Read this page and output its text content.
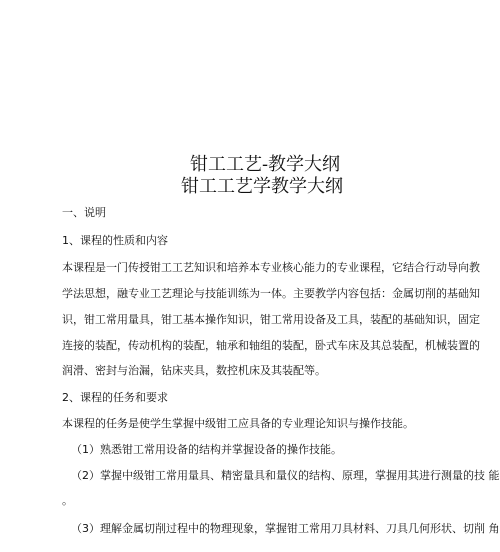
钳工工艺-教学大纲
钳工工艺学教学大纲
一、说明
1、课程的性质和内容
本课程是一门传授钳工工艺知识和培养本专业核心能力的专业课程，它结合行动导向教
学法思想，融专业工艺理论与技能训练为一体。主要教学内容包括：金属切削的基础知
识，钳工常用量具，钳工基本操作知识，钳工常用设备及工具，装配的基础知识，固定
连接的装配，传动机构的装配，轴承和轴组的装配，卧式车床及其总装配，机械装置的
润滑、密封与治漏，钻床夹具，数控机床及其装配等。
2、课程的任务和要求
本课程的任务是使学生掌握中级钳工应具备的专业理论知识与操作技能。
（1）熟悉钳工常用设备的结构并掌握设备的操作技能。
（2）掌握中级钳工常用量具、精密量具和量仪的结构、原理，掌握用其进行测量的技 能
。
（3）理解金属切削过程中的物理现象，掌握钳工常用刀具材料、刀具几何形状、切削 角
